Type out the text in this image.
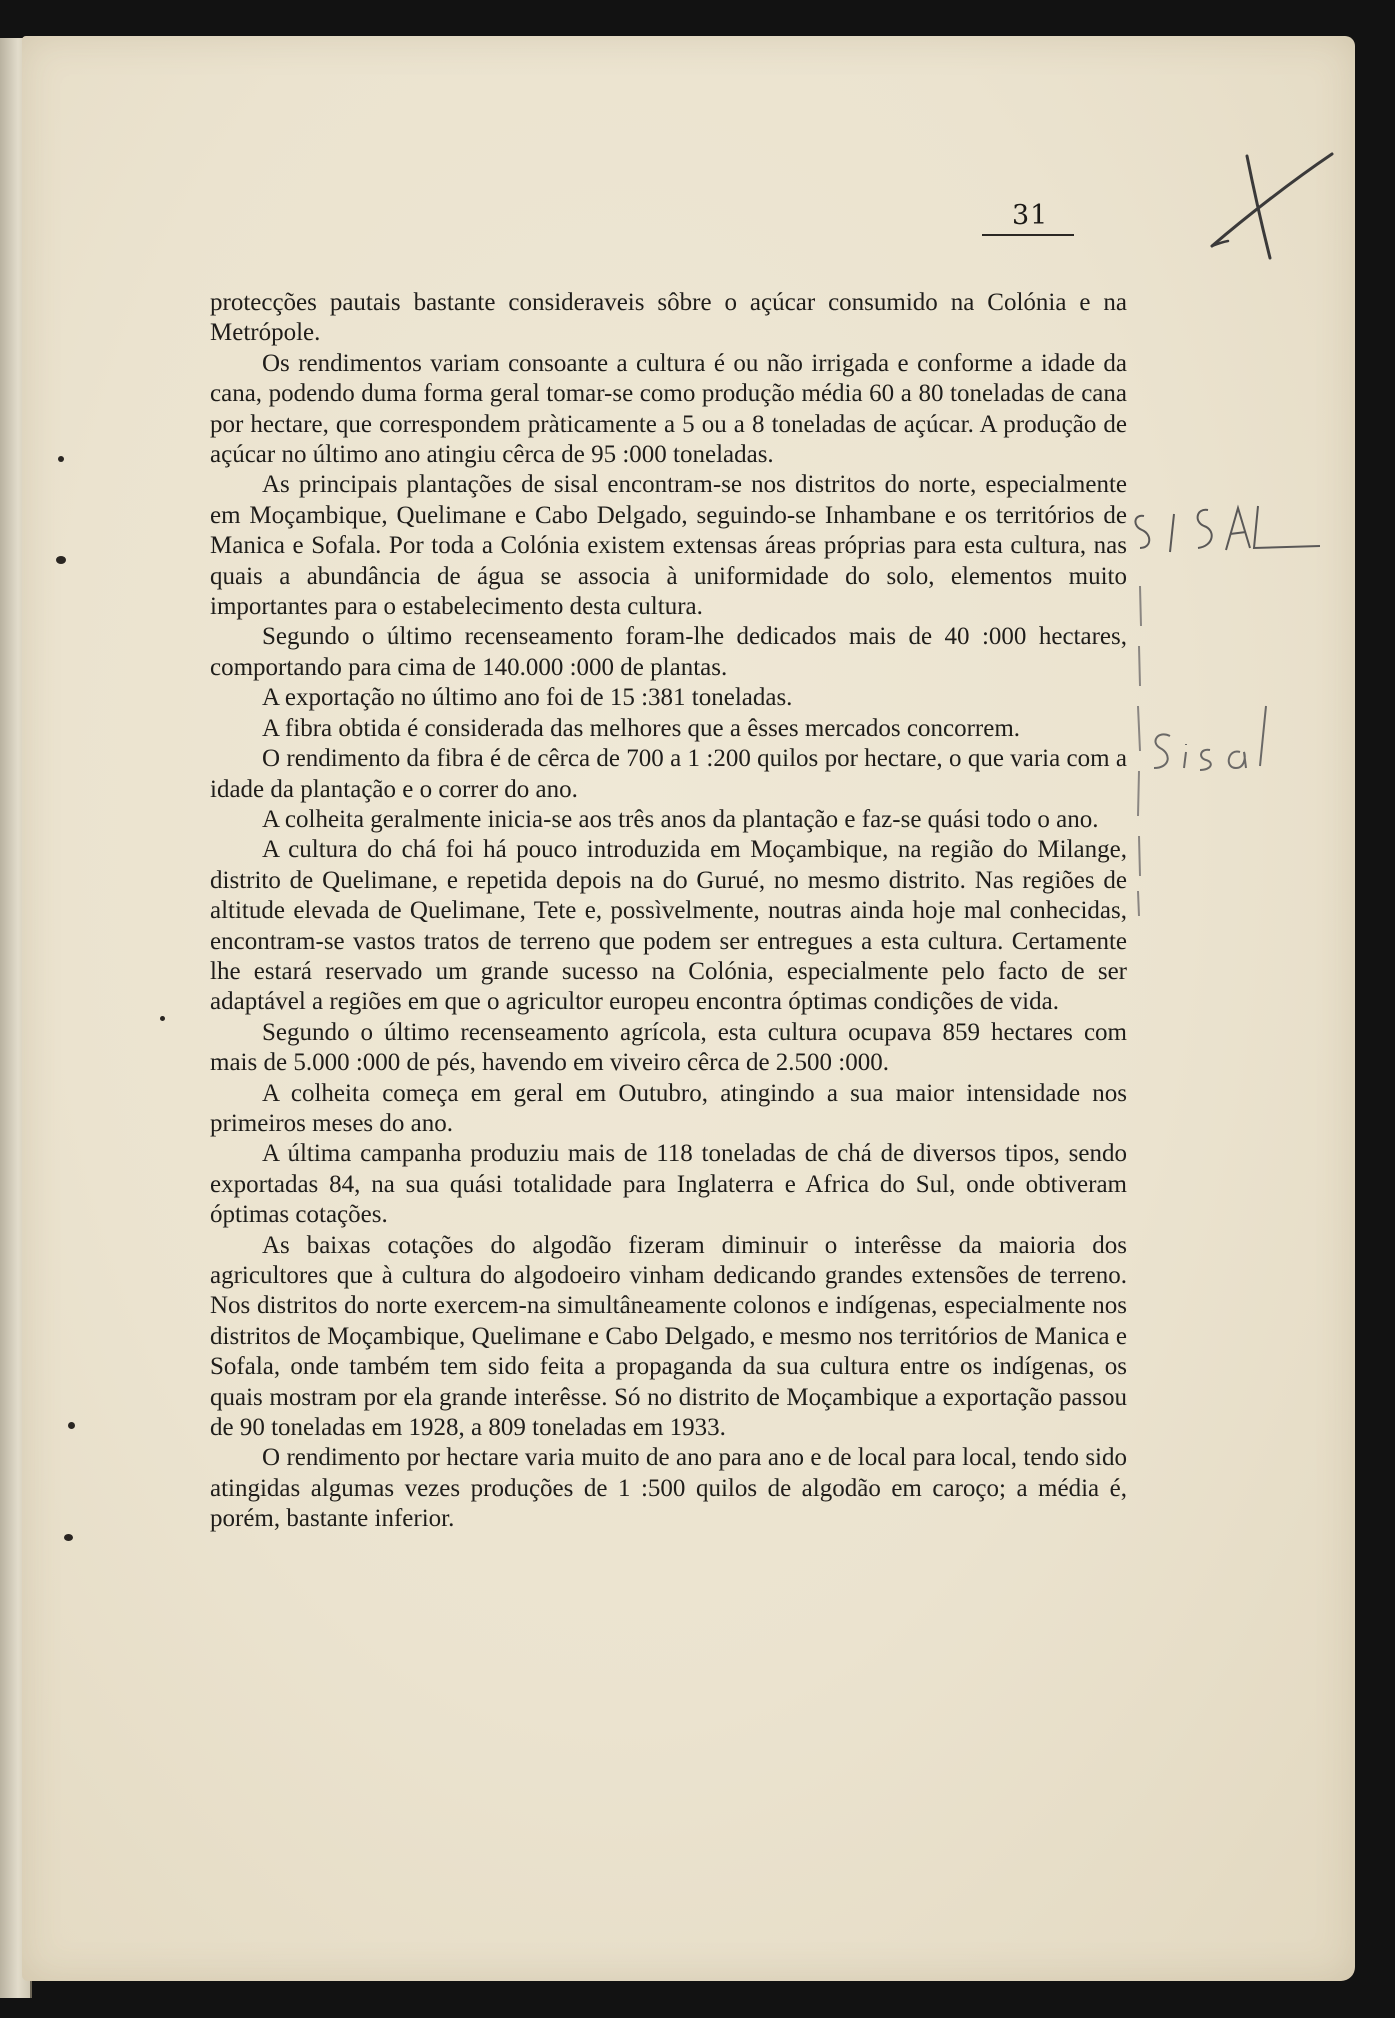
31

protecções pautais bastante consideraveis sôbre o açúcar consumido na Colónia e na Metrópole.

Os rendimentos variam consoante a cultura é ou não irrigada e conforme a idade da cana, podendo duma forma geral tomar-se como produção média 60 a 80 toneladas de cana por hectare, que correspondem pràticamente a 5 ou a 8 toneladas de açúcar. A produção de açúcar no último ano atingiu cêrca de 95 :000 toneladas.

As principais plantações de sisal encontram-se nos distritos do norte, especialmente em Moçambique, Quelimane e Cabo Delgado, seguindo-se Inhambane e os territórios de Manica e Sofala. Por toda a Colónia existem extensas áreas próprias para esta cultura, nas quais a abundância de água se associa à uniformidade do solo, elementos muito importantes para o estabelecimento desta cultura.

Segundo o último recenseamento foram-lhe dedicados mais de 40 :000 hectares, comportando para cima de 140.000 :000 de plantas.

A exportação no último ano foi de 15 :381 toneladas.

A fibra obtida é considerada das melhores que a êsses mercados concorrem.

O rendimento da fibra é de cêrca de 700 a 1 :200 quilos por hectare, o que varia com a idade da plantação e o correr do ano.

A colheita geralmente inicia-se aos três anos da plantação e faz-se quási todo o ano.

A cultura do chá foi há pouco introduzida em Moçambique, na região do Milange, distrito de Quelimane, e repetida depois na do Gurué, no mesmo distrito. Nas regiões de altitude elevada de Quelimane, Tete e, possìvelmente, noutras ainda hoje mal conhecidas, encontram-se vastos tratos de terreno que podem ser entregues a esta cultura. Certamente lhe estará reservado um grande sucesso na Colónia, especialmente pelo facto de ser adaptável a regiões em que o agricultor europeu encontra óptimas condições de vida.

Segundo o último recenseamento agrícola, esta cultura ocupava 859 hectares com mais de 5.000 :000 de pés, havendo em viveiro cêrca de 2.500 :000.

A colheita começa em geral em Outubro, atingindo a sua maior intensidade nos primeiros meses do ano.

A última campanha produziu mais de 118 toneladas de chá de diversos tipos, sendo exportadas 84, na sua quási totalidade para Inglaterra e Africa do Sul, onde obtiveram óptimas cotações.

As baixas cotações do algodão fizeram diminuir o interêsse da maioria dos agricultores que à cultura do algodoeiro vinham dedicando grandes extensões de terreno. Nos distritos do norte exercem-na simultâneamente colonos e indígenas, especialmente nos distritos de Moçambique, Quelimane e Cabo Delgado, e mesmo nos territórios de Manica e Sofala, onde também tem sido feita a propaganda da sua cultura entre os indígenas, os quais mostram por ela grande interêsse. Só no distrito de Moçambique a exportação passou de 90 toneladas em 1928, a 809 toneladas em 1933.

O rendimento por hectare varia muito de ano para ano e de local para local, tendo sido atingidas algumas vezes produções de 1 :500 quilos de algodão em caroço; a média é, porém, bastante inferior.
